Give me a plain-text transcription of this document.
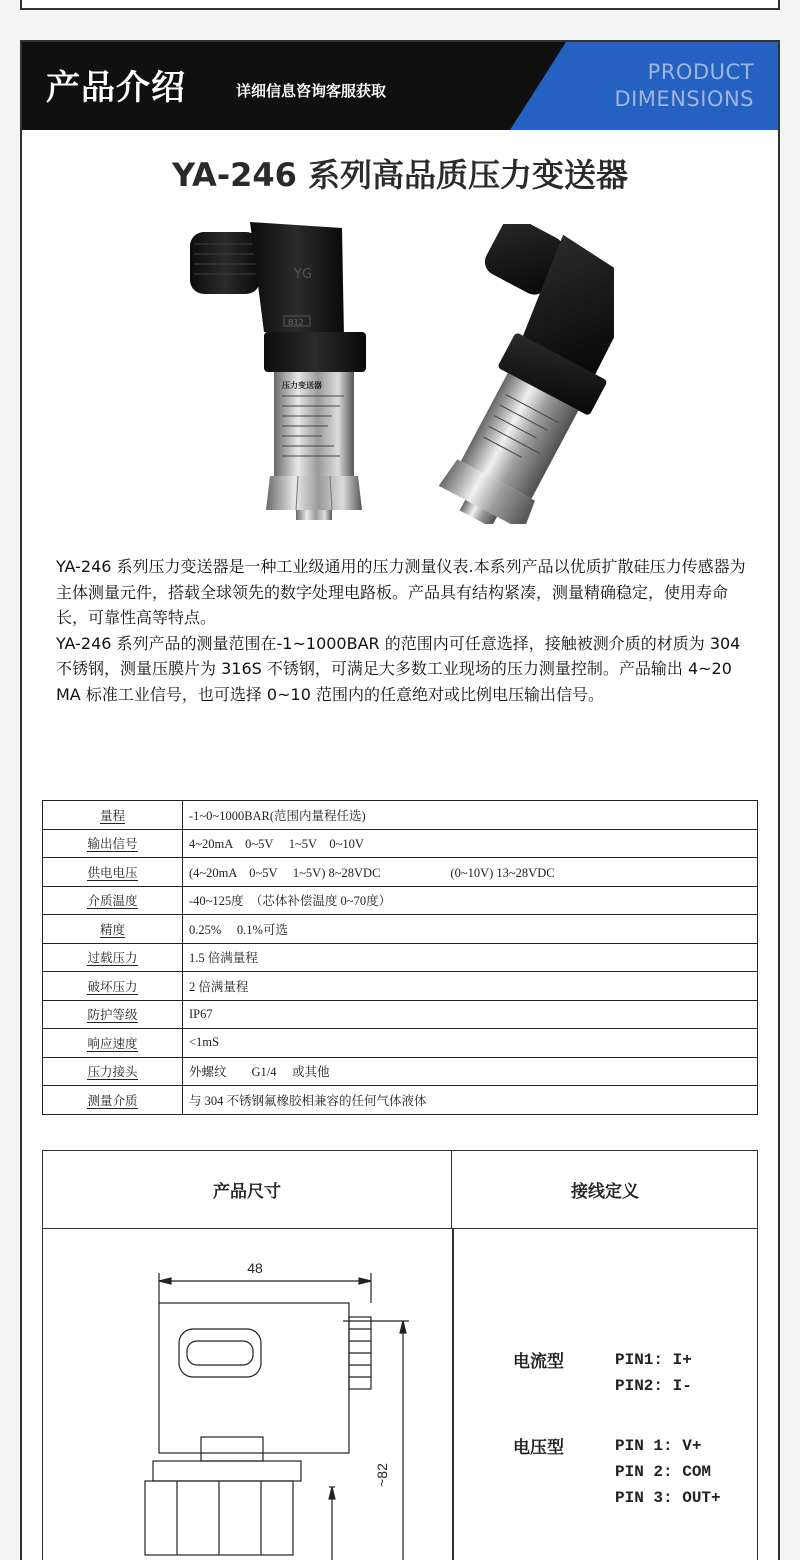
产品介绍	详细信息咨询客服获取
PRODUCT
DIMENSIONS
YA-246 系列高品质压力变送器
YG
B12
压力变送器

YA-246 系列压力变送器是一种工业级通用的压力测量仪表.本系列产品以优质扩散硅压力传感器为主体测量元件，搭载全球领先的数字处理电路板。产品具有结构紧凑，测量精确稳定，使用寿命长，可靠性高等特点。

YA-246 系列产品的测量范围在-1~1000BAR 的范围内可任意选择，接触被测介质的材质为 304 不锈钢，测量压膜片为 316S 不锈钢，可满足大多数工业现场的压力测量控制。产品输出 4~20 MA 标准工业信号，也可选择 0~10 范围内的任意绝对或比例电压输出信号。

量程	-1~0~1000BAR(范围内量程任选)
输出信号	4~20mA　0~5V　 1~5V　0~10V
供电电压	(4~20mA　0~5V　 1~5V) 8~28VDC (0~10V) 13~28VDC
介质温度	-40~125度　（芯体补偿温度 0~70度）
精度	0.25%　 0.1%可选
过载压力	1.5 倍满量程
破坏压力	2 倍满量程
防护等级	IP67
响应速度	<1mS
压力接头	外螺纹　　G1/4　 或其他
测量介质	与 304 不锈钢氟橡胶相兼容的任何气体液体
产品尺寸	接线定义
48
~82
电流型	PIN1: I+
PIN2: I-
电压型	PIN 1: V+
PIN 2: COM
PIN 3: OUT+
